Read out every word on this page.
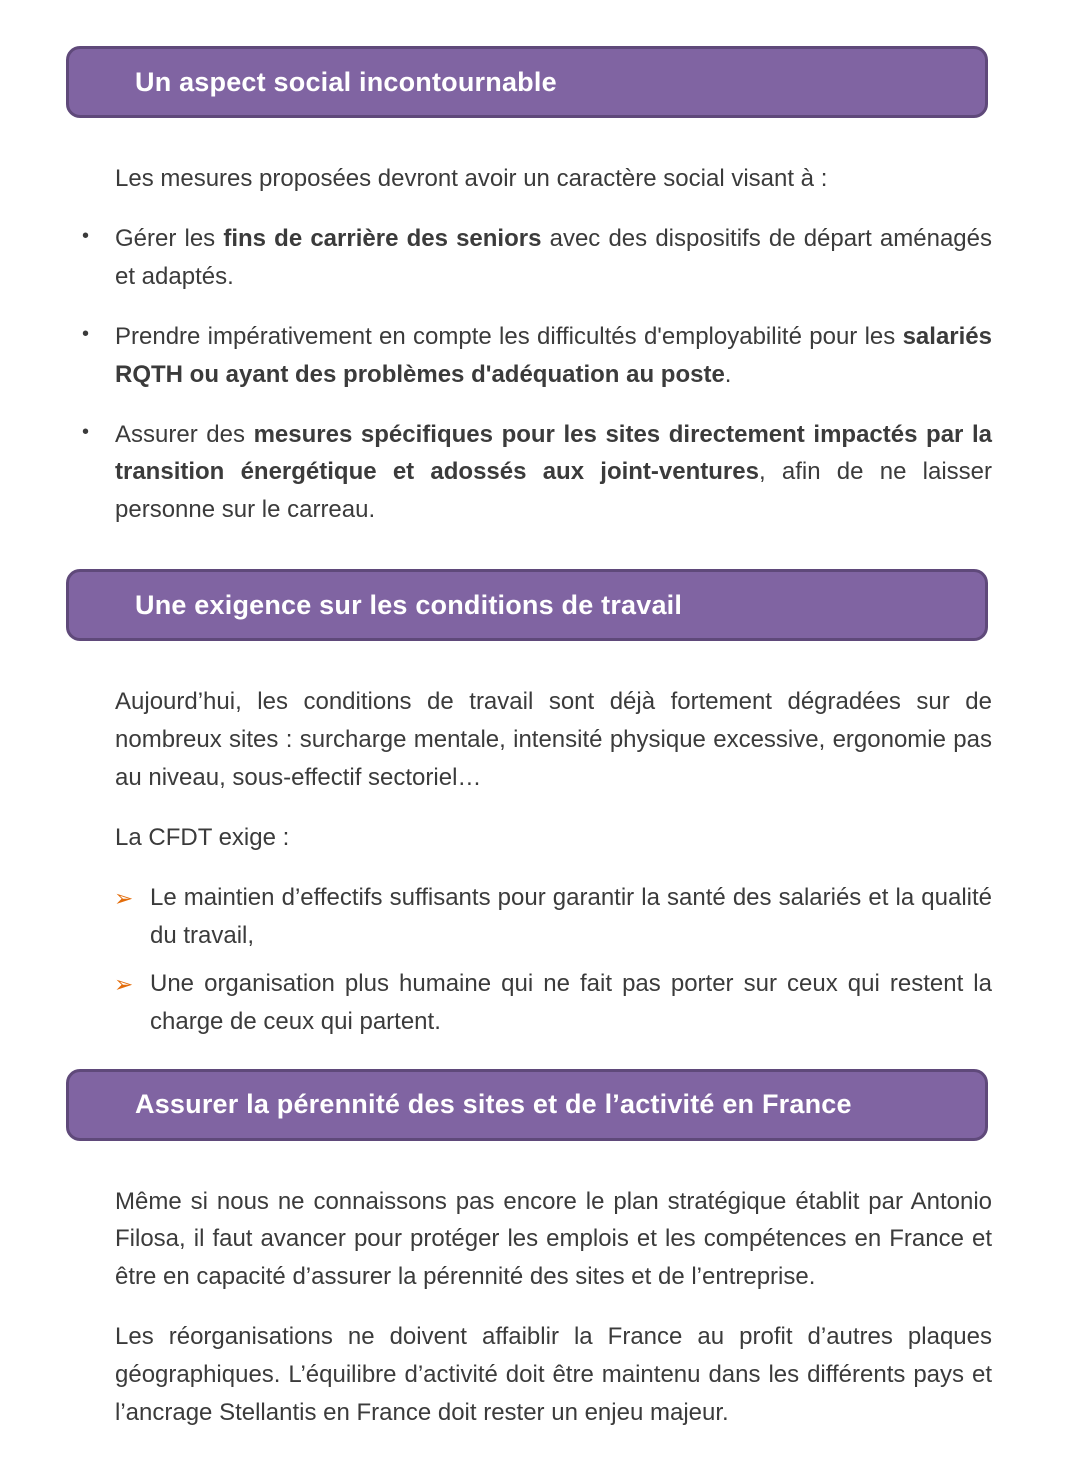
Un aspect social incontournable

Les mesures proposées devront avoir un caractère social visant à :

• Gérer les fins de carrière des seniors avec des dispositifs de départ aménagés et adaptés.
• Prendre impérativement en compte les difficultés d'employabilité pour les salariés RQTH ou ayant des problèmes d'adéquation au poste.
• Assurer des mesures spécifiques pour les sites directement impactés par la transition énergétique et adossés aux joint-ventures, afin de ne laisser personne sur le carreau.
Une exigence sur les conditions de travail

Aujourd’hui, les conditions de travail sont déjà fortement dégradées sur de nombreux sites : surcharge mentale, intensité physique excessive, ergonomie pas au niveau, sous-effectif sectoriel…

La CFDT exige :

➢ Le maintien d’effectifs suffisants pour garantir la santé des salariés et la qualité du travail,
➢ Une organisation plus humaine qui ne fait pas porter sur ceux qui restent la charge de ceux qui partent.
Assurer la pérennité des sites et de l’activité en France

Même si nous ne connaissons pas encore le plan stratégique établit par Antonio Filosa, il faut avancer pour protéger les emplois et les compétences en France et être en capacité d’assurer la pérennité des sites et de l’entreprise.

Les réorganisations ne doivent affaiblir la France au profit d’autres plaques géographiques. L’équilibre d’activité doit être maintenu dans les différents pays et l’ancrage Stellantis en France doit rester un enjeu majeur.
